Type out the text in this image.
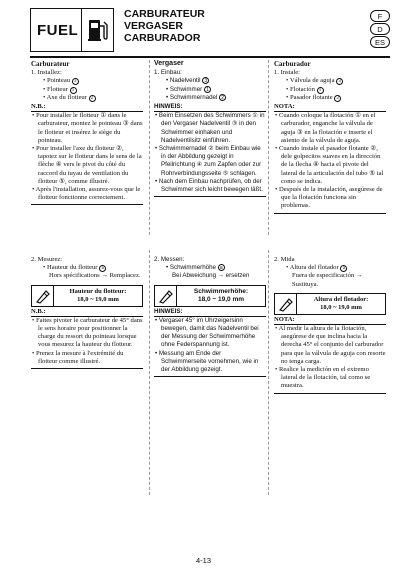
FUEL
CARBURATEUR
VERGASER
CARBURADOR
F
D
ES
Carburateur
1. Installez:
• Pointeau 3
• Flotteur 1
• Axe du flotteur 2
N.B.:
• Pour installer le flotteur ① dans le carburateur, montez le pointeau ③ dans le flotteur et insérez le siège du pointeau.
• Pour installer l'axe du flotteur ②, tapotez sur le flotteur dans le sens de la flèche ④ vers le pivot du côté du raccord du tuyau de ventilation du flotteur ⑤, comme illustré.
• Après l'installation, assurez-vous que le flotteur fonctionne correctement.
Vergaser
1. Einbau:
• Nadelventil 3
• Schwimmer 1
• Schwimmernadel 2
HINWEIS:
• Beim Einsetzen des Schwimmers ① in den Vergaser Nadelventil ③ in den Schwimmer einhaken und Nadelventilsitz einführen.
• Schwimmernadel ② beim Einbau wie in der Abbildung gezeigt in Pfeilrichtung ④ zum Zapfen oder zur Rohrverbindungsseite ⑤ schlagen.
• Nach dem Einbau nachprüfen, ob der Schwimmer sich leicht bewegen läßt.
Carburador
1. Instale:
• Válvula de aguja 3
• Flotación 1
• Pasador flotante 2
NOTA:
• Cuando coloque la flotación ① en el carburador, enganche la válvula de aguja ③ en la flotación e inserte el asiento de la válvula de aguja.
• Cuando instale el pasador flotante ②, dele golpecitos suaves en la dirección de la flecha ④ hacia el pivote del lateral de la articulación del tubo ⑤ tal como se indica.
• Después de la instalación, asegúrese de que la flotación funciona sin problemas.
2. Mesurez:
• Hauteur du flotteur a
Hors spécifications → Remplacez.
Hauteur du flotteur:
18,0 ~ 19,0 mm
N.B.:
• Faites pivoter le carburateur de 45° dans le sens horaire pour positionner la charge du ressort du pointeau lorsque vous mesurez la hauteur du flotteur.
• Prenez la mesure à l'extrémité du flotteur comme illustré.
2. Messen:
• Schwimmerhöhe a
Bei Abweichung → ersetzen
Schwimmerhöhe:
18,0 ~ 19,0 mm
HINWEIS:
• Vergaser 45° im Uhrzeigersinn bewegen, damit das Nadelventil bei der Messung der Schwimmerhöhe ohne Federspannung ist.
• Messung am Ende der Schwimmerseite vornehmen, wie in der Abbildung gezeigt.
2. Mida
• Altura del flotador a
Fuera de especificación → Sustituya.
Altura del flotador:
18,0 ~ 19,0 mm
NOTA:
• Al medir la altura de la flotación, asegúrese de que inclina hacia la derecha 45° el conjunto del carburador para que la válvula de aguja con resorte no tenga carga.
• Realice la medición en el extremo lateral de la flotación, tal como se muestra.
4-13
